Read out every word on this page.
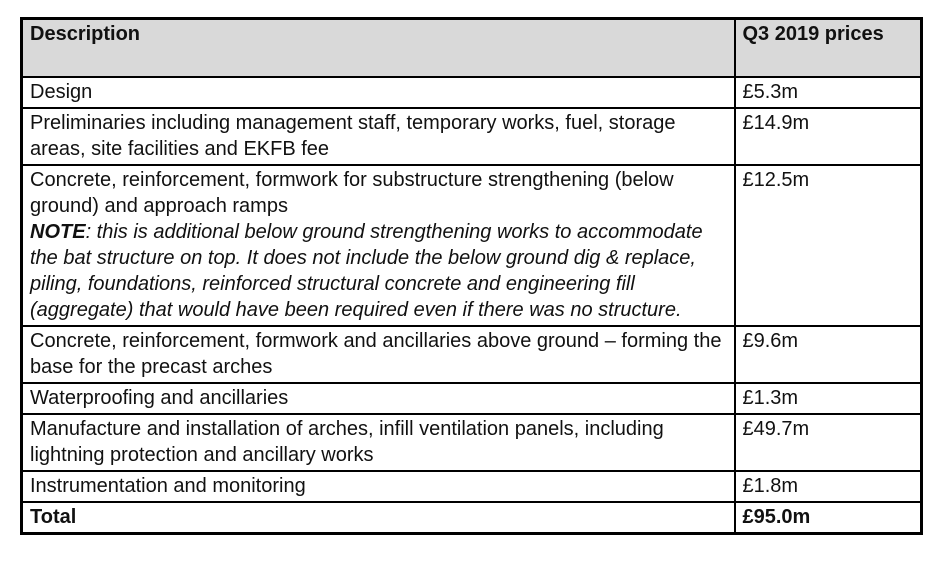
Description	Q3 2019 prices
Design	£5.3m
Preliminaries including management staff, temporary works, fuel, storage areas, site facilities and EKFB fee	£14.9m
Concrete, reinforcement, formwork for substructure strengthening (below ground) and approach ramps
NOTE: this is additional below ground strengthening works to accommodate the bat structure on top. It does not include the below ground dig & replace, piling, foundations, reinforced structural concrete and engineering fill (aggregate) that would have been required even if there was no structure.	£12.5m
Concrete, reinforcement, formwork and ancillaries above ground – forming the base for the precast arches	£9.6m
Waterproofing and ancillaries	£1.3m
Manufacture and installation of arches, infill ventilation panels, including lightning protection and ancillary works	£49.7m
Instrumentation and monitoring	£1.8m
Total	£95.0m
